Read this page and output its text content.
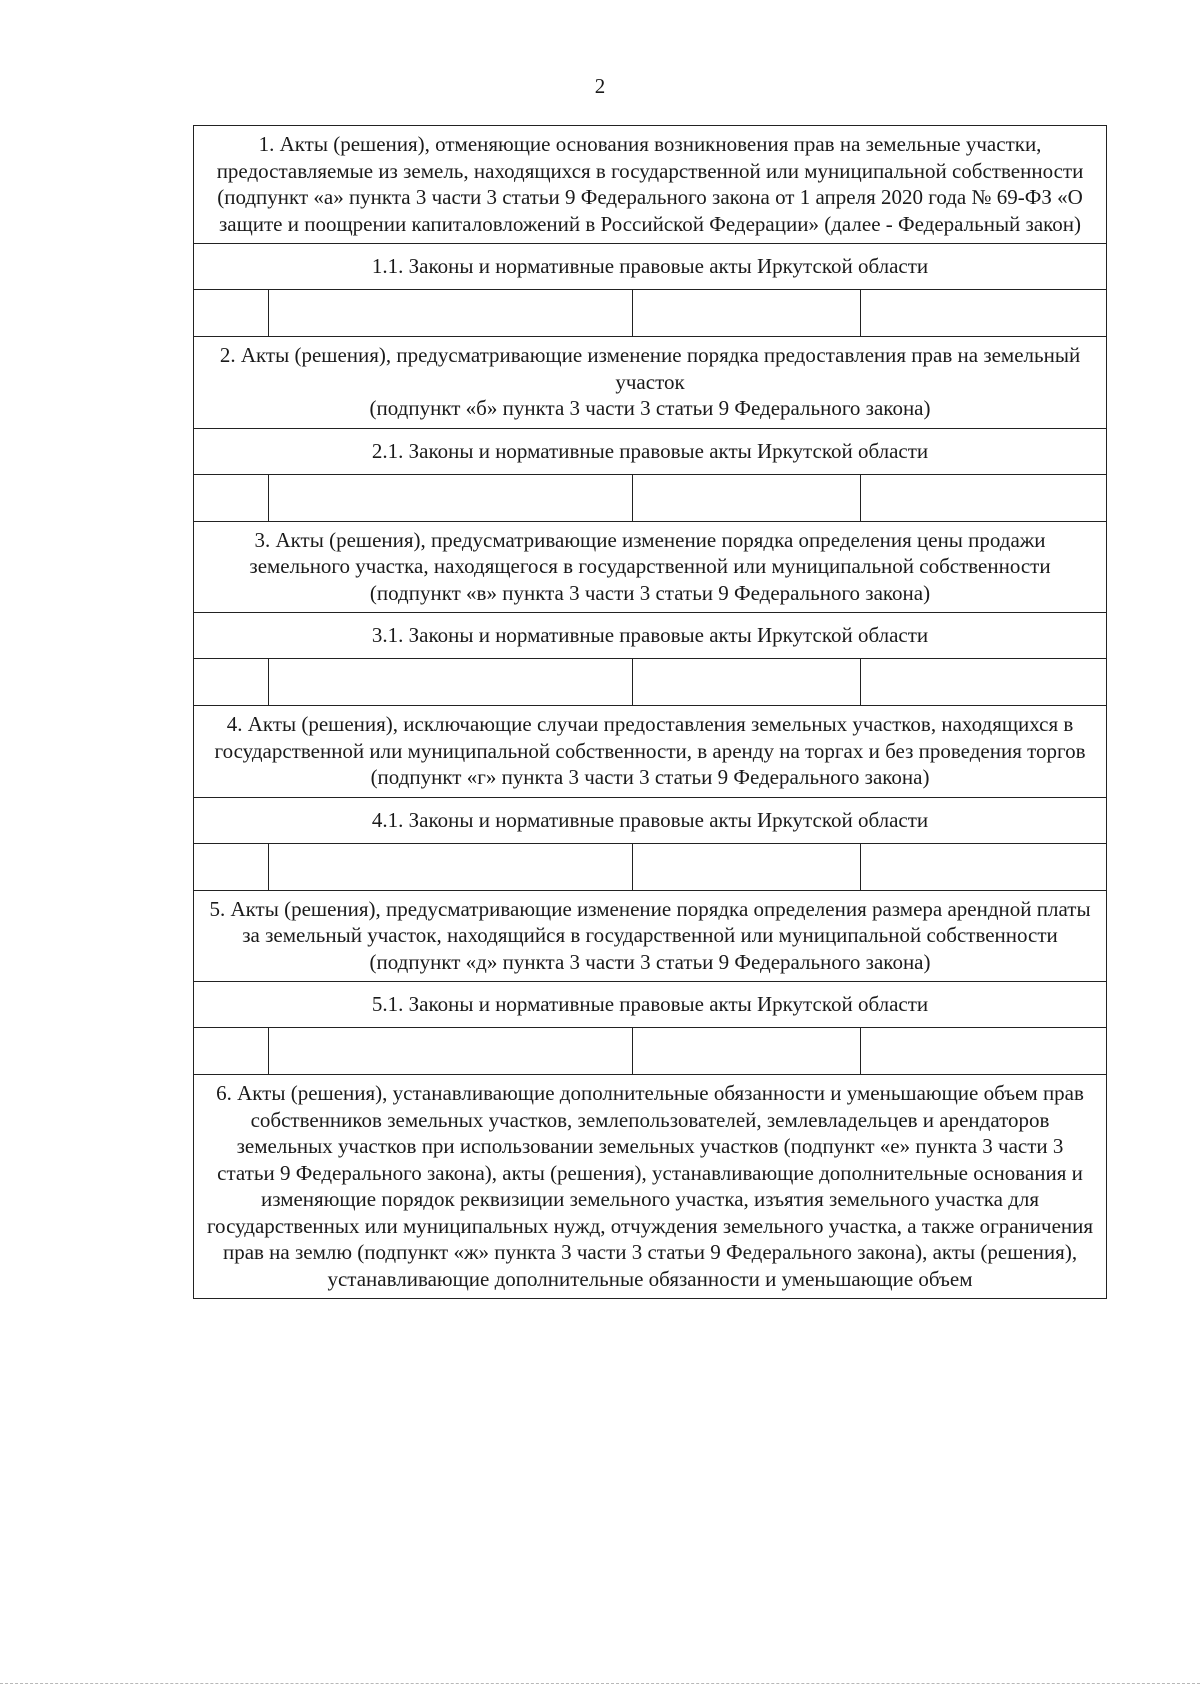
2
1. Акты (решения), отменяющие основания возникновения прав на земельные участки, предоставляемые из земель, находящихся в государственной или муниципальной собственности
(подпункт «а» пункта 3 части 3 статьи 9 Федерального закона от 1 апреля 2020 года № 69-ФЗ «О защите и поощрении капиталовложений в Российской Федерации» (далее - Федеральный закон)			

1.1. Законы и нормативные правовые акты Иркутской области			

2. Акты (решения), предусматривающие изменение порядка предоставления прав на земельный участок
(подпункт «б» пункта 3 части 3 статьи 9 Федерального закона)			

2.1. Законы и нормативные правовые акты Иркутской области			

3. Акты (решения), предусматривающие изменение порядка определения цены продажи земельного участка, находящегося в государственной или муниципальной собственности
(подпункт «в» пункта 3 части 3 статьи 9 Федерального закона)			

3.1. Законы и нормативные правовые акты Иркутской области			

4. Акты (решения), исключающие случаи предоставления земельных участков, находящихся в государственной или муниципальной собственности, в аренду на торгах и без проведения торгов
(подпункт «г» пункта 3 части 3 статьи 9 Федерального закона)			

4.1. Законы и нормативные правовые акты Иркутской области			

5. Акты (решения), предусматривающие изменение порядка определения размера арендной платы за земельный участок, находящийся в государственной или муниципальной собственности
(подпункт «д» пункта 3 части 3 статьи 9 Федерального закона)			

5.1. Законы и нормативные правовые акты Иркутской области			

6. Акты (решения), устанавливающие дополнительные обязанности и уменьшающие объем прав собственников земельных участков, землепользователей, землевладельцев и арендаторов земельных участков при использовании земельных участков (подпункт «е» пункта 3 части 3 статьи 9 Федерального закона), акты (решения), устанавливающие дополнительные основания и изменяющие порядок реквизиции земельного участка, изъятия земельного участка для государственных или муниципальных нужд, отчуждения земельного участка, а также ограничения прав на землю (подпункт «ж» пункта 3 части 3 статьи 9 Федерального закона), акты (решения), устанавливающие дополнительные обязанности и уменьшающие объем			
